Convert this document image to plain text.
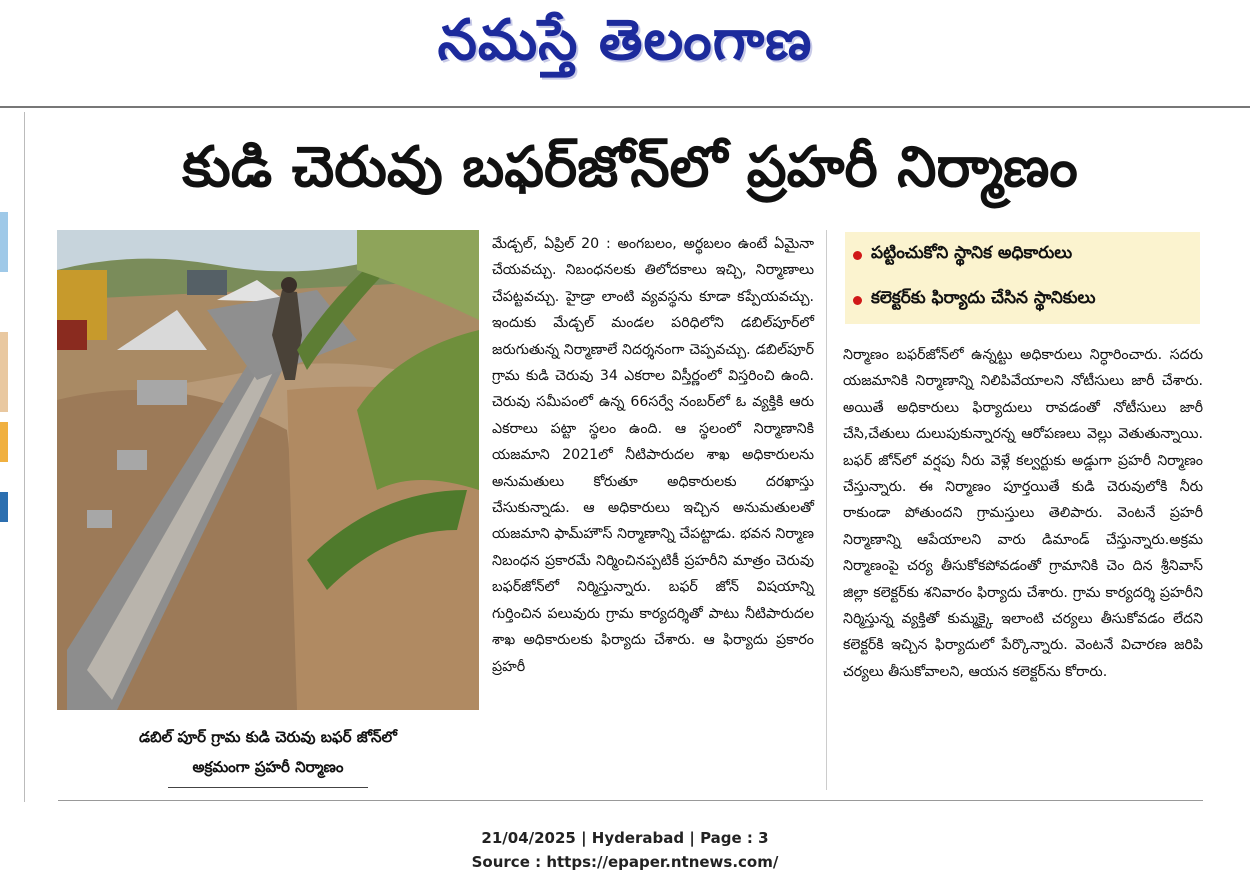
నమస్తే తెలంగాణ
కుడి చెరువు బఫర్‌జోన్‌లో ప్రహరీ నిర్మాణం
డబిల్ పూర్ గ్రామ కుడి చెరువు బఫర్ జోన్‌లో
అక్రమంగా ప్రహరీ నిర్మాణం

మేడ్చల్, ఏప్రిల్ 20 : అంగబలం, అర్థబలం ఉంటే ఏమైనా చేయవచ్చు. నిబంధనలకు తిలోదకాలు ఇచ్చి, నిర్మాణాలు చేపట్టవచ్చు. హైడ్రా లాంటి వ్యవస్థను కూడా కప్పేయవచ్చు. ఇందుకు మేడ్చల్ మండల పరిధిలోని డబిల్‌పూర్‌లో జరుగుతున్న నిర్మాణాలే నిదర్శనంగా చెప్పవచ్చు. డబిల్‌పూర్ గ్రామ కుడి చెరువు 34 ఎకరాల విస్తీర్ణంలో విస్తరించి ఉంది. చెరువు సమీపంలో ఉన్న 66సర్వే నంబర్‌లో ఓ వ్యక్తికి ఆరు ఎకరాలు పట్టా స్థలం ఉంది. ఆ స్థలంలో నిర్మాణానికి యజమాని 2021లో నీటిపారుదల శాఖ అధికారులను అనుమతులు కోరుతూ అధికారులకు దరఖాస్తు చేసుకున్నాడు. ఆ అధికారులు ఇచ్చిన అనుమతులతో యజమాని ఫామ్‌హౌస్ నిర్మాణాన్ని చేపట్టాడు. భవన నిర్మాణ నిబంధన ప్రకారమే నిర్మించినప్పటికీ ప్రహరీని మాత్రం చెరువు బఫర్‌జోన్‌లో నిర్మిస్తున్నారు. బఫర్ జోన్ విషయాన్ని గుర్తించిన పలువురు గ్రామ కార్యదర్శితో పాటు నీటిపారుదల శాఖ అధికారులకు ఫిర్యాదు చేశారు. ఆ ఫిర్యాదు ప్రకారం ప్రహరీ

పట్టించుకోని స్థానిక అధికారులు
కలెక్టర్‌కు ఫిర్యాదు చేసిన స్థానికులు

నిర్మాణం బఫర్‌జోన్‌లో ఉన్నట్టు అధికారులు నిర్ధారించారు. సదరు యజమానికి నిర్మాణాన్ని నిలిపివేయాలని నోటీసులు జారీ చేశారు. అయితే అధికారులు ఫిర్యాదులు రావడంతో నోటీసులు జారీ చేసి,చేతులు దులుపుకున్నారన్న ఆరోపణలు వెల్లు వెతుతున్నాయి. బఫర్ జోన్‌లో వర్షపు నీరు వెళ్లే కల్వర్టుకు అడ్డుగా ప్రహరీ నిర్మాణం చేస్తున్నారు. ఈ నిర్మాణం పూర్తయితే కుడి చెరువులోకి నీరు రాకుండా పోతుందని గ్రామస్తులు తెలిపారు. వెంటనే ప్రహరీ నిర్మాణాన్ని ఆపేయాలని వారు డిమాండ్ చేస్తున్నారు.అక్రమ నిర్మాణంపై చర్య తీసుకోకపోవడంతో గ్రామానికి చెం దిన శ్రీనివాస్ జిల్లా కలెక్టర్‌కు శనివారం ఫిర్యాదు చేశారు. గ్రామ కార్యదర్శి ప్రహరీని నిర్మిస్తున్న వ్యక్తితో కుమ్మక్కై ఇలాంటి చర్యలు తీసుకోవడం లేదని కలెక్టర్‌కి ఇచ్చిన ఫిర్యాదులో పేర్కొన్నారు. వెంటనే విచారణ జరిపి చర్యలు తీసుకోవాలని, ఆయన కలెక్టర్‌ను కోరారు.

21/04/2025 | Hyderabad | Page : 3
Source : https://epaper.ntnews.com/
